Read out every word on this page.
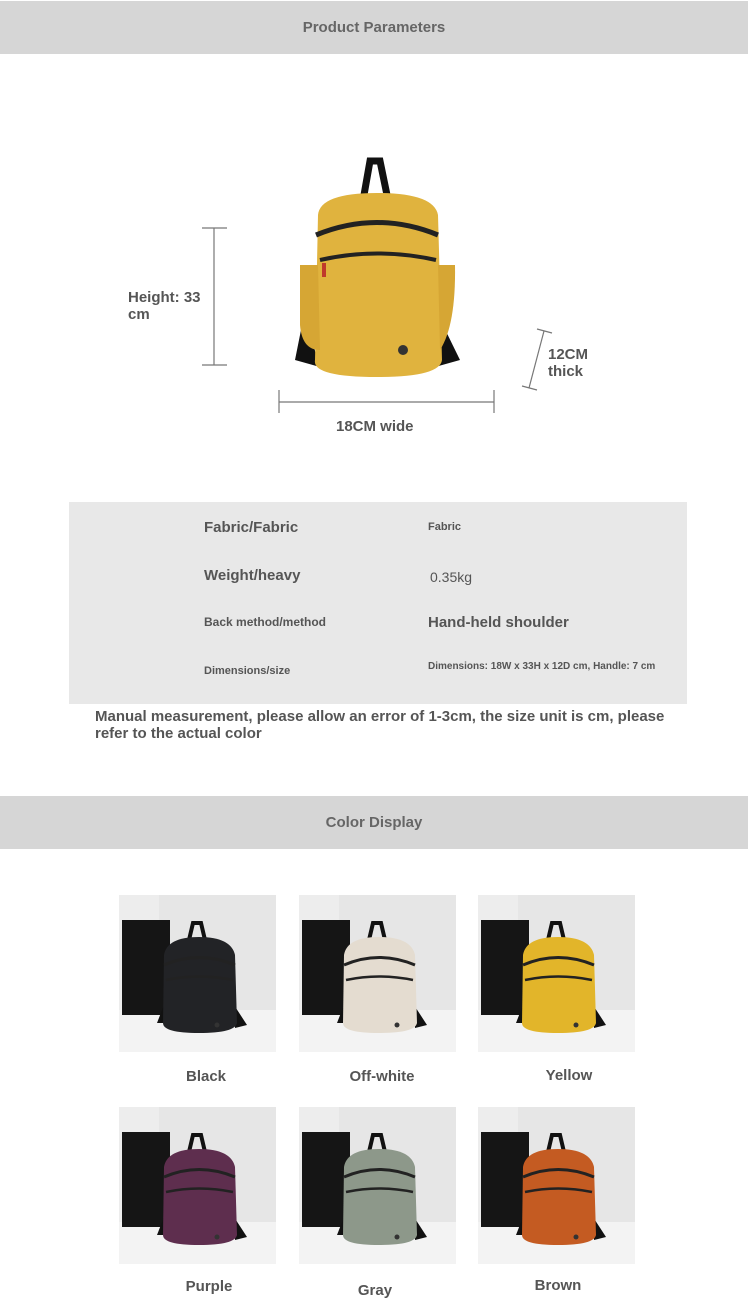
Product Parameters
Height: 33 cm
12CM
thick
18CM wide
Fabric/Fabric	Fabric
Weight/heavy	0.35kg
Back method/method	Hand-held shoulder
Dimensions/size	Dimensions: 18W x 33H x 12D cm, Handle: 7 cm
Manual measurement, please allow an error of 1-3cm, the size unit is cm, please refer to the actual color
Color Display
Black	Off-white	Yellow
Purple	Gray	Brown
